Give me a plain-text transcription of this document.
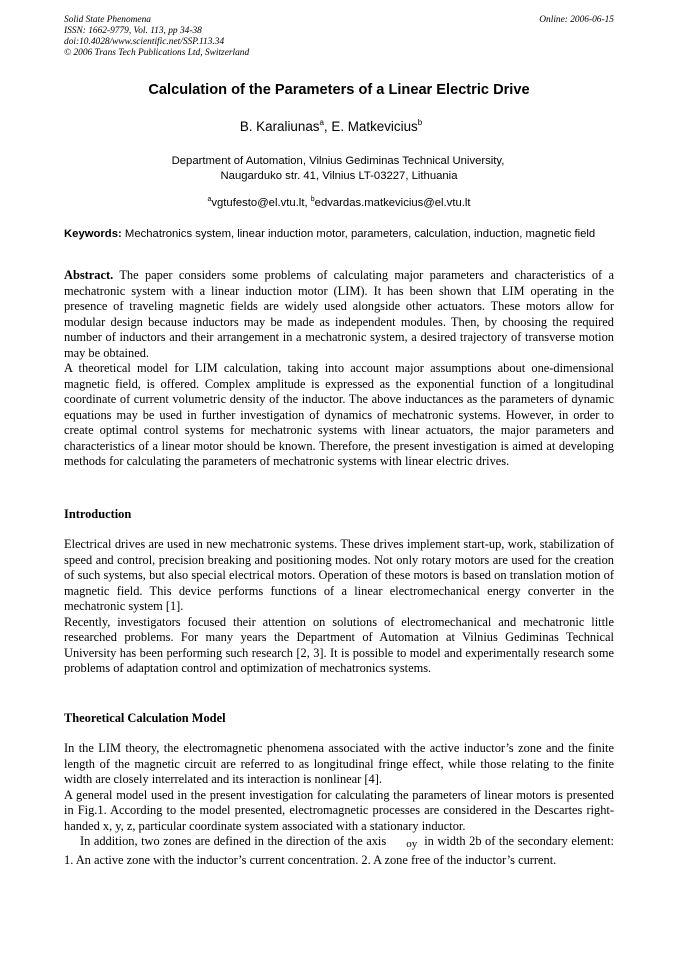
Solid State Phenomena
ISSN: 1662-9779, Vol. 113, pp 34-38
doi:10.4028/www.scientific.net/SSP.113.34
© 2006 Trans Tech Publications Ltd, Switzerland
Online: 2006-06-15
Calculation of the Parameters of a Linear Electric Drive
B. Karaliunas$^a$, E. Matkevicius$^b$
Department of Automation, Vilnius Gediminas Technical University,
Naugarduko str. 41, Vilnius LT-03227, Lithuania
$^a$vgtufesto@el.vtu.lt, $^b$edvardas.matkevicius@el.vtu.lt
Keywords: Mechatronics system, linear induction motor, parameters, calculation, induction, magnetic field

Abstract. The paper considers some problems of calculating major parameters and characteristics of a mechatronic system with a linear induction motor (LIM). It has been shown that LIM operating in the presence of traveling magnetic fields are widely used alongside other actuators. These motors allow for modular design because inductors may be made as independent modules. Then, by choosing the required number of inductors and their arrangement in a mechatronic system, a desired trajectory of transverse motion may be obtained.

A theoretical model for LIM calculation, taking into account major assumptions about one-dimensional magnetic field, is offered. Complex amplitude is expressed as the exponential function of a longitudinal coordinate of current volumetric density of the inductor. The above inductances as the parameters of dynamic equations may be used in further investigation of dynamics of mechatronic systems. However, in order to create optimal control systems for mechatronic systems with linear actuators, the major parameters and characteristics of a linear motor should be known. Therefore, the present investigation is aimed at developing methods for calculating the parameters of mechatronic systems with linear electric drives.

Introduction

Electrical drives are used in new mechatronic systems. These drives implement start-up, work, stabilization of speed and control, precision breaking and positioning modes. Not only rotary motors are used for the creation of such systems, but also special electrical motors. Operation of these motors is based on translation motion of magnetic field. This device performs functions of a linear electromechanical energy converter in the mechatronic system [1].

Recently, investigators focused their attention on solutions of electromechanical and mechatronic little researched problems. For many years the Department of Automation at Vilnius Gediminas Technical University has been performing such research [2, 3]. It is possible to model and experimentally research some problems of adaptation control and optimization of mechatronics systems.

Theoretical Calculation Model

In the LIM theory, the electromagnetic phenomena associated with the active inductor’s zone and the finite length of the magnetic circuit are referred to as longitudinal fringe effect, while those relating to the finite width are closely interrelated and its interaction is nonlinear [4].

A general model used in the present investigation for calculating the parameters of linear motors is presented in Fig.1. According to the model presented, electromagnetic processes are considered in the Descartes right-handed x, y, z, particular coordinate system associated with a stationary inductor.

In addition, two zones are defined in the direction of the axis oy in width 2b of the secondary element: 1. An active zone with the inductor’s current concentration. 2. A zone free of the inductor’s current.
